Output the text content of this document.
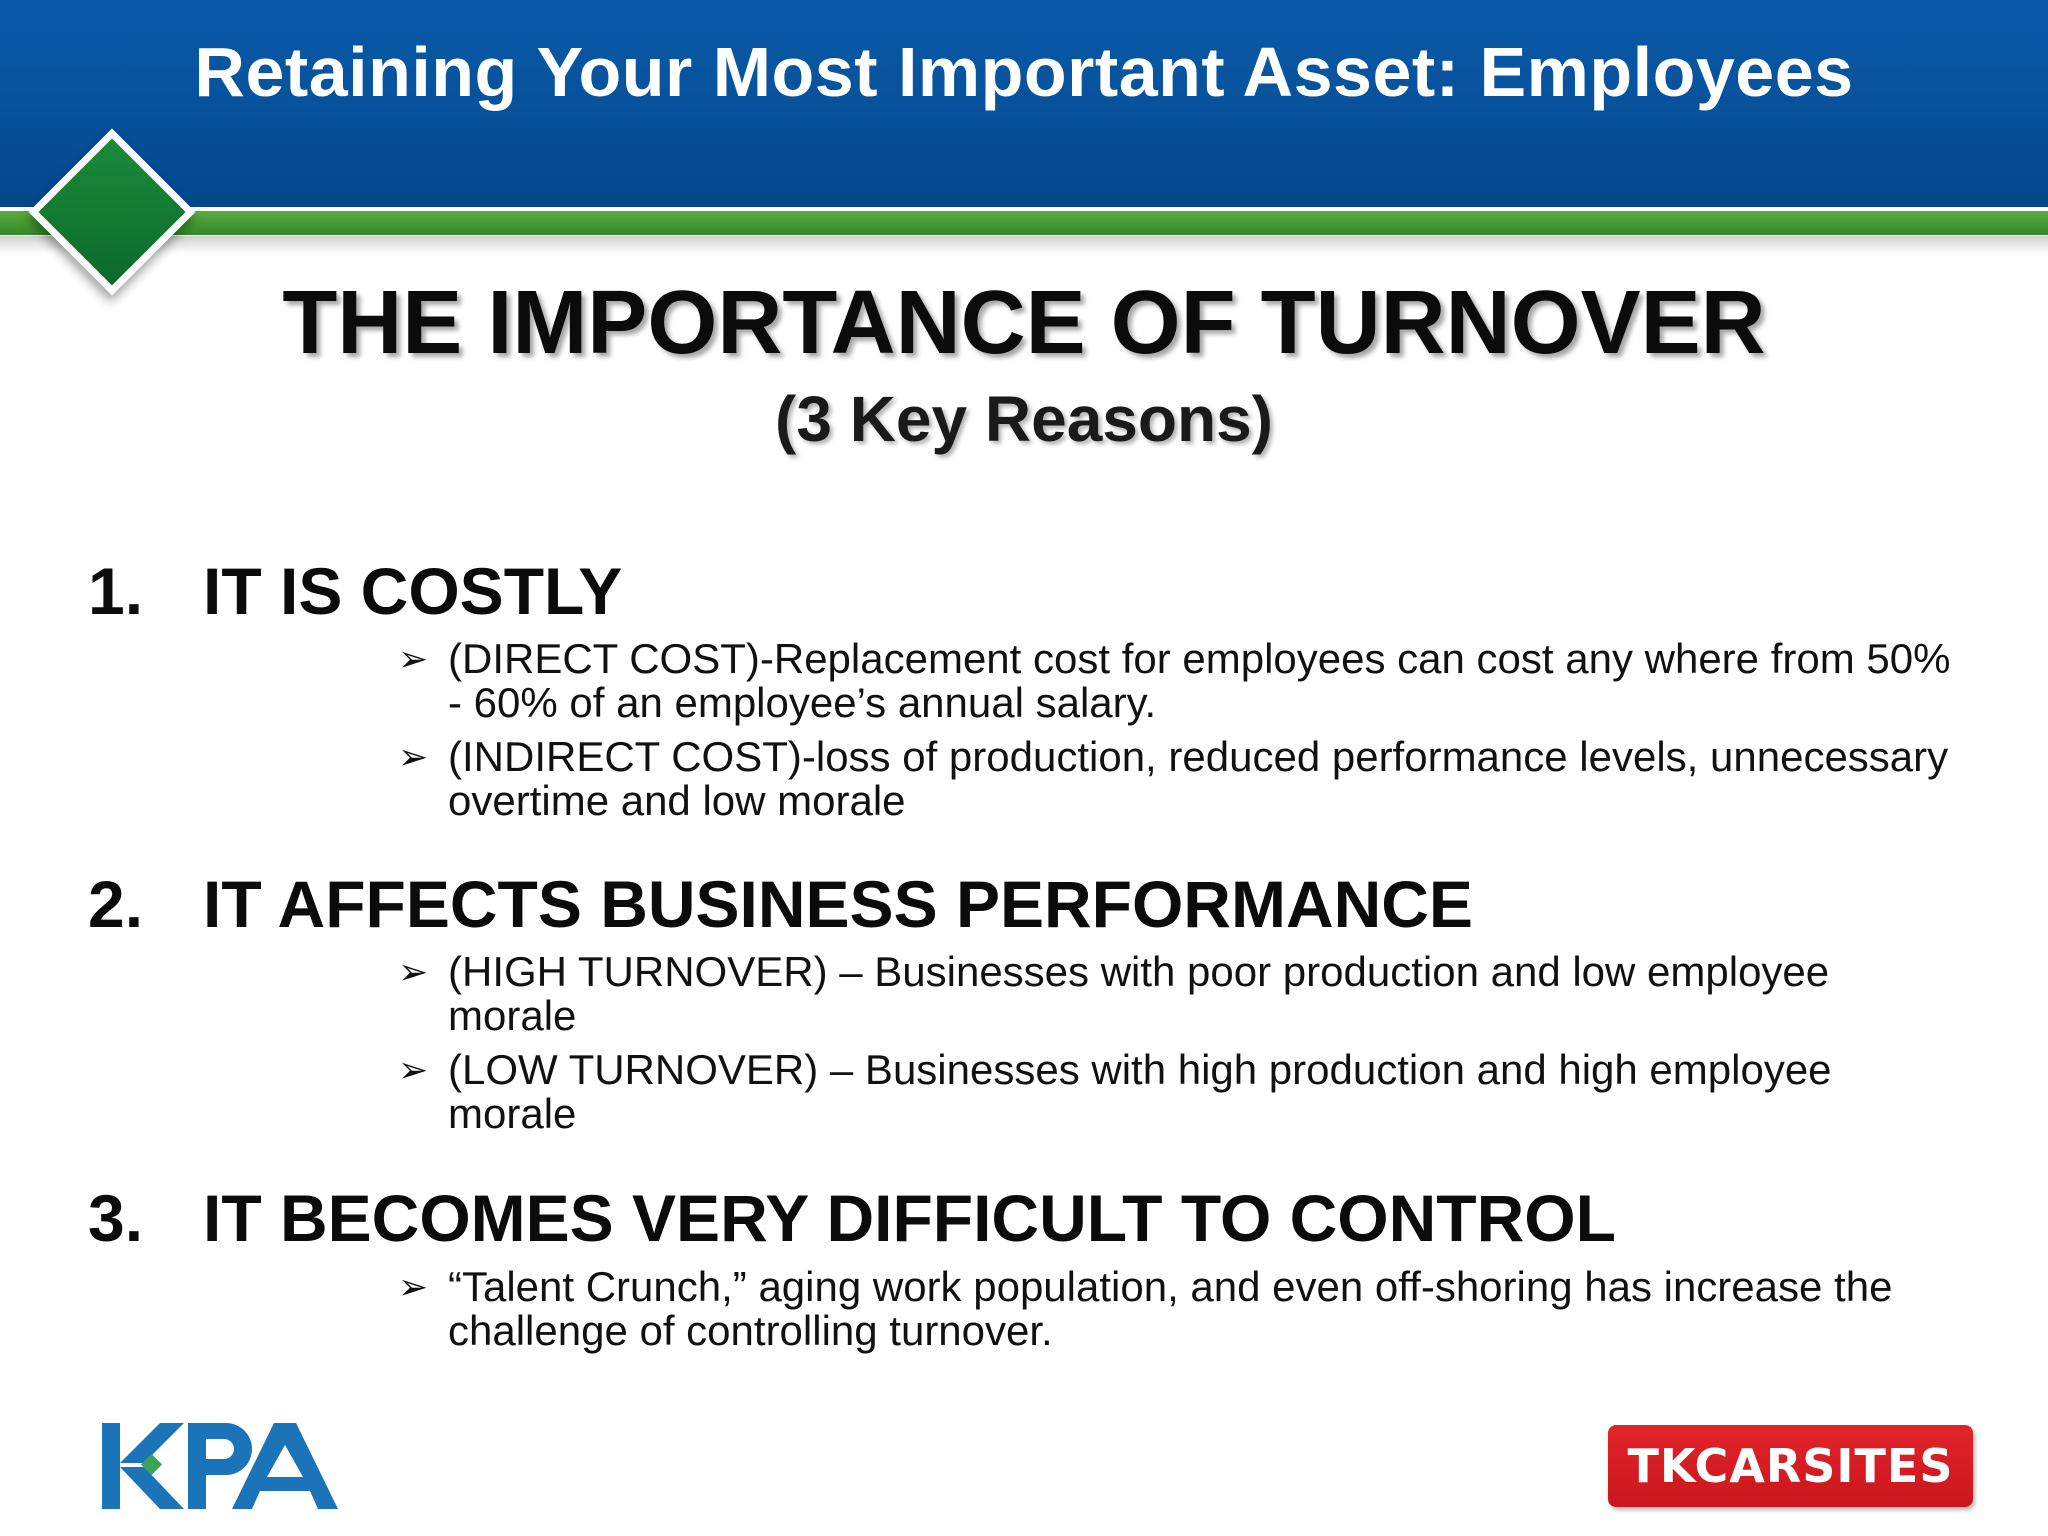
Retaining Your Most Important Asset: Employees
THE IMPORTANCE OF TURNOVER
(3 Key Reasons)
1. IT IS COSTLY
➢ (DIRECT COST)-Replacement cost for employees can cost any where from 50% - 60% of an employee’s annual salary.
➢ (INDIRECT COST)-loss of production, reduced performance levels, unnecessary overtime and low morale
2. IT AFFECTS BUSINESS PERFORMANCE
➢ (HIGH TURNOVER) – Businesses with poor production and low employee morale
➢ (LOW TURNOVER) – Businesses with high production and high employee morale
3. IT BECOMES VERY DIFFICULT TO CONTROL
➢ “Talent Crunch,” aging work population, and even off-shoring has increase the challenge of controlling turnover.
TKCARSITES
